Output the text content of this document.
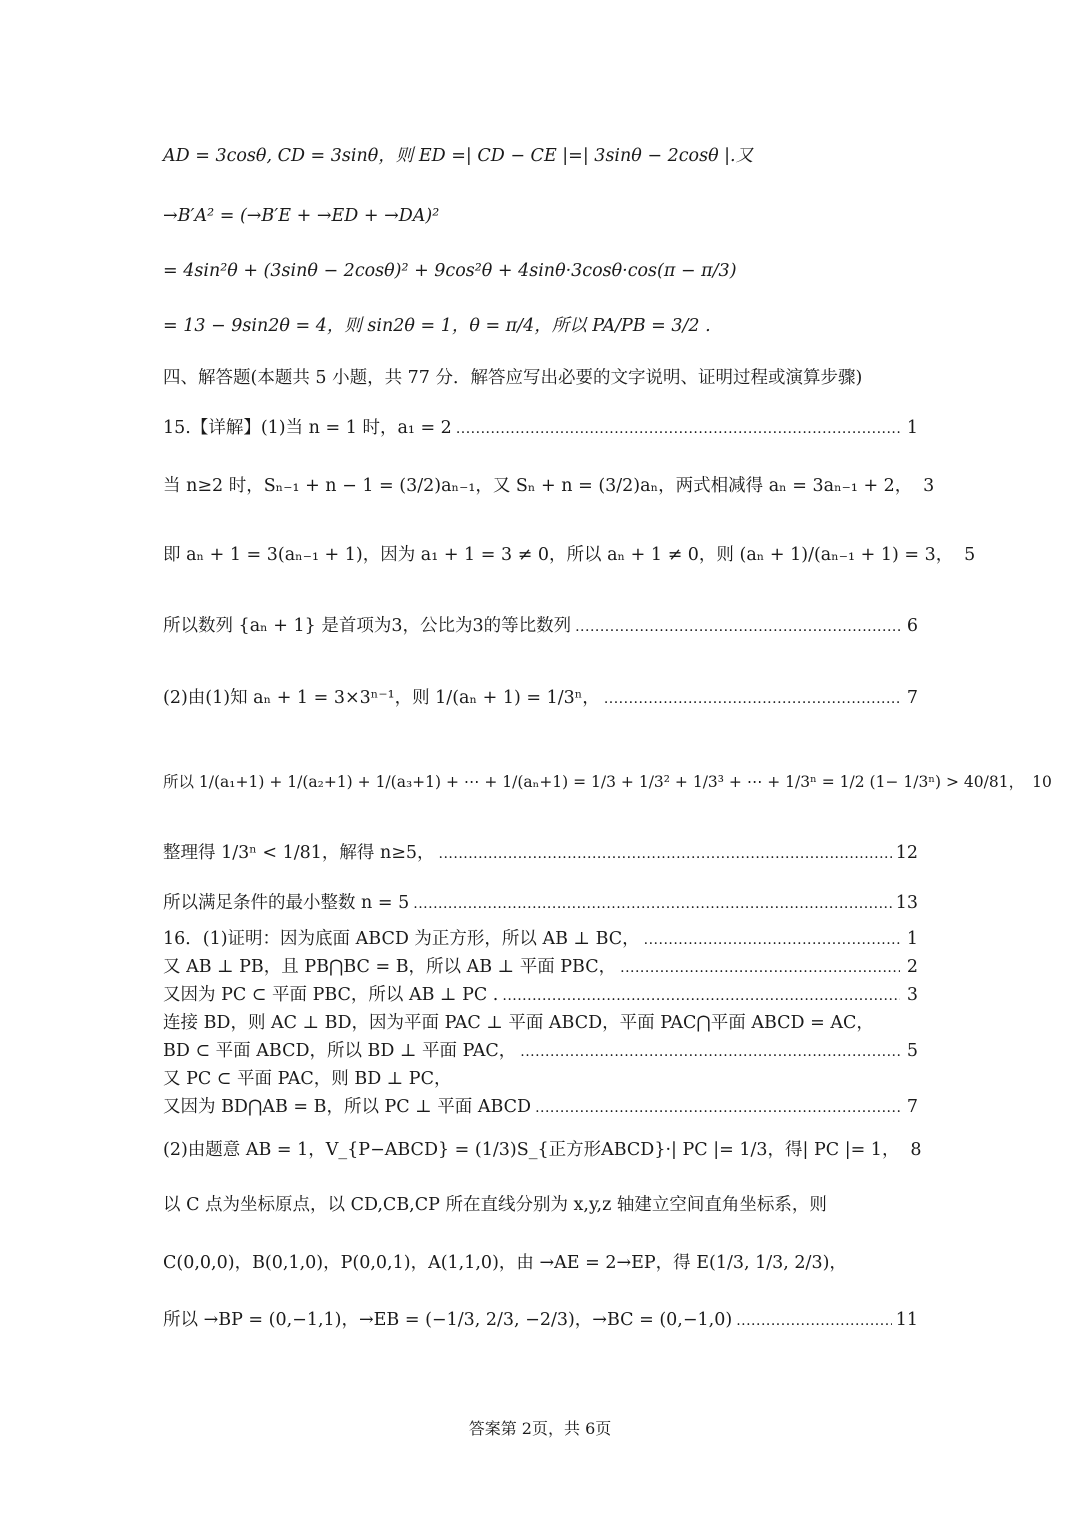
AD = 3cosθ, CD = 3sinθ，则 ED =| CD − CE |=| 3sinθ − 2cosθ |.又
→B′A² = (→B′E + →ED + →DA)²
= 4sin²θ + (3sinθ − 2cosθ)² + 9cos²θ + 4sinθ·3cosθ·cos(π − π/3)
= 13 − 9sin2θ = 4，则 sin2θ = 1，θ = π/4，所以 PA/PB = 3/2 .
四、解答题(本题共 5 小题，共 77 分．解答应写出必要的文字说明、证明过程或演算步骤)
15.【详解】(1)当 n = 1 时，a₁ = 2 .....	1
当 n≥2 时，Sₙ₋₁ + n − 1 = (3/2)aₙ₋₁，又 Sₙ + n = (3/2)aₙ，两式相减得 aₙ = 3aₙ₋₁ + 2， 3
即 aₙ + 1 = 3(aₙ₋₁ + 1)，因为 a₁ + 1 = 3 ≠ 0，所以 aₙ + 1 ≠ 0，则 (aₙ + 1)/(aₙ₋₁ + 1) = 3， 5
所以数列 {aₙ + 1} 是首项为3，公比为3的等比数列 .....	6
(2)由(1)知 aₙ + 1 = 3×3ⁿ⁻¹，则 1/(aₙ + 1) = 1/3ⁿ， .....	7
所以 1/(a₁+1) + 1/(a₂+1) + 1/(a₃+1) + ⋯ + 1/(aₙ+1) = 1/3 + 1/3² + 1/3³ + ⋯ + 1/3ⁿ = 1/2 (1− 1/3ⁿ) > 40/81， 10
整理得 1/3ⁿ < 1/81，解得 n≥5， .....	12
所以满足条件的最小整数 n = 5 .....	13
16．(1)证明：因为底面 ABCD 为正方形，所以 AB ⊥ BC， .....	1
又 AB ⊥ PB，且 PB⋂BC = B，所以 AB ⊥ 平面 PBC， .....	2
又因为 PC ⊂ 平面 PBC，所以 AB ⊥ PC . .....	3
连接 BD，则 AC ⊥ BD，因为平面 PAC ⊥ 平面 ABCD，平面 PAC⋂平面 ABCD = AC，
BD ⊂ 平面 ABCD，所以 BD ⊥ 平面 PAC， .....	5
又 PC ⊂ 平面 PAC，则 BD ⊥ PC，
又因为 BD⋂AB = B，所以 PC ⊥ 平面 ABCD .....	7
(2)由题意 AB = 1，V_{P−ABCD} = (1/3)S_{正方形ABCD}·| PC |= 1/3，得| PC |= 1， 8
以 C 点为坐标原点，以 CD,CB,CP 所在直线分别为 x,y,z 轴建立空间直角坐标系，则
C(0,0,0)，B(0,1,0)，P(0,0,1)，A(1,1,0)，由 →AE = 2→EP，得 E(1/3, 1/3, 2/3)，
所以 →BP = (0,−1,1)，→EB = (−1/3, 2/3, −2/3)，→BC = (0,−1,0) .....	11
答案第 2页，共 6页
